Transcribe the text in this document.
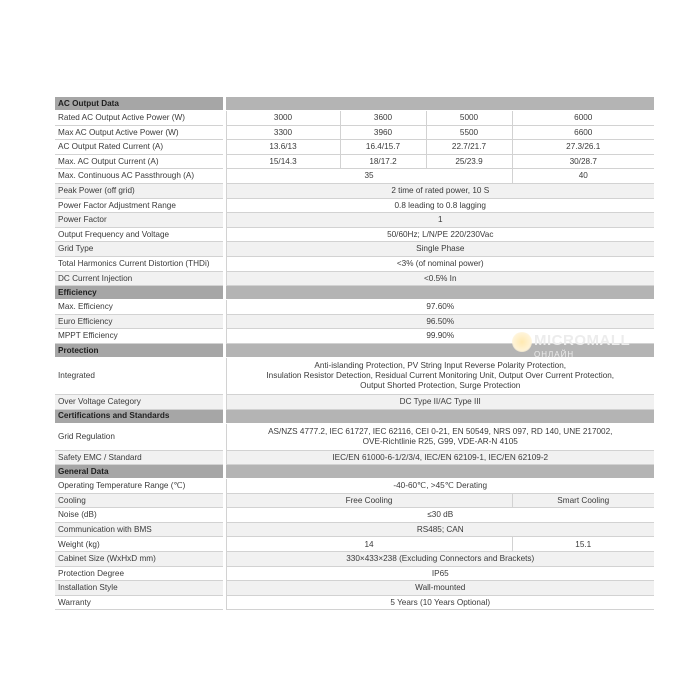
AC Output Data					
Rated AC Output Active Power (W)		3000	3600	5000	6000
Max AC Output Active Power (W)		3300	3960	5500	6600
AC Output Rated Current (A)		13.6/13	16.4/15.7	22.7/21.7	27.3/26.1
Max. AC Output Current (A)		15/14.3	18/17.2	25/23.9	30/28.7
Max. Continuous AC Passthrough (A)		35			40
Peak Power (off grid)		2 time of rated power, 10 S			
Power Factor Adjustment Range		0.8 leading to 0.8 lagging			
Power Factor		1			
Output Frequency and Voltage		50/60Hz; L/N/PE 220/230Vac			
Grid Type		Single Phase			
Total Harmonics Current Distortion (THDi)		<3% (of nominal power)			
DC Current Injection		<0.5% In			
Efficiency					
Max. Efficiency		97.60%			
Euro Efficiency		96.50%			
MPPT Efficiency		99.90%			
Protection					
Integrated		Anti-islanding Protection, PV String Input Reverse Polarity Protection,
Insulation Resistor Detection, Residual Current Monitoring Unit, Output Over Current Protection,
Output Shorted Protection, Surge Protection			

Over Voltage Category		DC Type II/AC Type III			
Certifications and Standards					
Grid Regulation		AS/NZS 4777.2, IEC 61727, IEC 62116, CEI 0-21, EN 50549, NRS 097, RD 140, UNE 217002,
OVE-Richtlinie R25, G99, VDE-AR-N 4105			

Safety EMC / Standard		IEC/EN 61000-6-1/2/3/4, IEC/EN 62109-1, IEC/EN 62109-2			
General Data					
Operating Temperature Range (℃)		-40-60℃, >45℃ Derating			
Cooling		Free Cooling			Smart Cooling
Noise (dB)		≤30 dB			
Communication with BMS		RS485; CAN			
Weight (kg)		14			15.1
Cabinet Size (WxHxD mm)		330×433×238 (Excluding Connectors and Brackets)			
Protection Degree		IP65			
Installation Style		Wall-mounted			
Warranty		5 Years (10 Years Optional)			
MICROMALL
ОНЛАЙН
